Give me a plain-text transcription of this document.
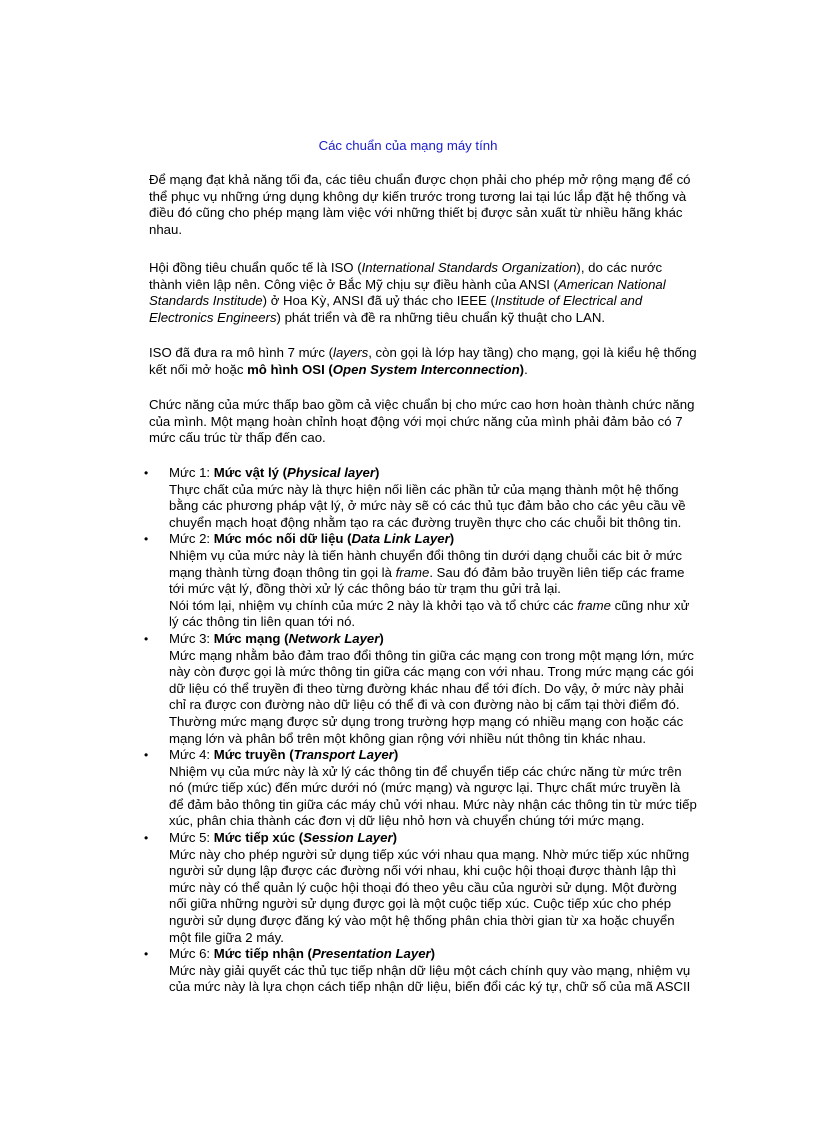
Các chuẩn của mạng máy tính

Để mạng đạt khả năng tối đa, các tiêu chuẩn được chọn phải cho phép mở rộng mạng để có thể phục vụ những ứng dụng không dự kiến trước trong tương lai tại lúc lắp đặt hệ thống và điều đó cũng cho phép mạng làm việc với những thiết bị được sản xuất từ nhiều hãng khác nhau.

Hội đồng tiêu chuẩn quốc tế là ISO (International Standards Organization), do các nước thành viên lập nên. Công việc ở Bắc Mỹ chịu sự điều hành của ANSI (American National Standards Institude) ở Hoa Kỳ, ANSI đã uỷ thác cho IEEE (Institude of Electrical and Electronics Engineers) phát triển và đề ra những tiêu chuẩn kỹ thuật cho LAN.

ISO đã đưa ra mô hình 7 mức (layers, còn gọi là lớp hay tầng) cho mạng, gọi là kiểu hệ thống kết nối mở hoặc mô hình OSI (Open System Interconnection).

Chức năng của mức thấp bao gồm cả việc chuẩn bị cho mức cao hơn hoàn thành chức năng của mình. Một mạng hoàn chỉnh hoạt động với mọi chức năng của mình phải đảm bảo có 7 mức cấu trúc từ thấp đến cao.

• Mức 1: Mức vật lý (Physical layer)
Thực chất của mức này là thực hiện nối liền các phần tử của mạng thành một hệ thống bằng các phương pháp vật lý, ở mức này sẽ có các thủ tục đảm bảo cho các yêu cầu về chuyển mạch hoạt động nhằm tạo ra các đường truyền thực cho các chuỗi bit thông tin.
• Mức 2: Mức móc nối dữ liệu (Data Link Layer)
Nhiệm vụ của mức này là tiến hành chuyển đổi thông tin dưới dạng chuỗi các bit ở mức mạng thành từng đoạn thông tin gọi là frame. Sau đó đảm bảo truyền liên tiếp các frame tới mức vật lý, đồng thời xử lý các thông báo từ trạm thu gửi trả lại.
Nói tóm lại, nhiệm vụ chính của mức 2 này là khởi tạo và tổ chức các frame cũng như xử lý các thông tin liên quan tới nó.
• Mức 3: Mức mạng (Network Layer)
Mức mạng nhằm bảo đảm trao đổi thông tin giữa các mạng con trong một mạng lớn, mức này còn được gọi là mức thông tin giữa các mạng con với nhau. Trong mức mạng các gói dữ liệu có thể truyền đi theo từng đường khác nhau để tới đích. Do vậy, ở mức này phải chỉ ra được con đường nào dữ liệu có thể đi và con đường nào bị cấm tại thời điểm đó. Thường mức mạng được sử dụng trong trường hợp mạng có nhiều mạng con hoặc các mạng lớn và phân bổ trên một không gian rộng với nhiều nút thông tin khác nhau.
• Mức 4: Mức truyền (Transport Layer)
Nhiệm vụ của mức này là xử lý các thông tin để chuyển tiếp các chức năng từ mức trên nó (mức tiếp xúc) đến mức dưới nó (mức mạng) và ngược lại. Thực chất mức truyền là để đảm bảo thông tin giữa các máy chủ với nhau. Mức này nhận các thông tin từ mức tiếp xúc, phân chia thành các đơn vị dữ liệu nhỏ hơn và chuyển chúng tới mức mạng.
• Mức 5: Mức tiếp xúc (Session Layer)
Mức này cho phép người sử dụng tiếp xúc với nhau qua mạng. Nhờ mức tiếp xúc những người sử dụng lập được các đường nối với nhau, khi cuộc hội thoại được thành lập thì mức này có thể quản lý cuộc hội thoại đó theo yêu cầu của người sử dụng. Một đường nối giữa những người sử dụng được gọi là một cuộc tiếp xúc. Cuộc tiếp xúc cho phép người sử dụng được đăng ký vào một hệ thống phân chia thời gian từ xa hoặc chuyển một file giữa 2 máy.
• Mức 6: Mức tiếp nhận (Presentation Layer)
Mức này giải quyết các thủ tục tiếp nhận dữ liệu một cách chính quy vào mạng, nhiệm vụ của mức này là lựa chọn cách tiếp nhận dữ liệu, biến đổi các ký tự, chữ số của mã ASCII
